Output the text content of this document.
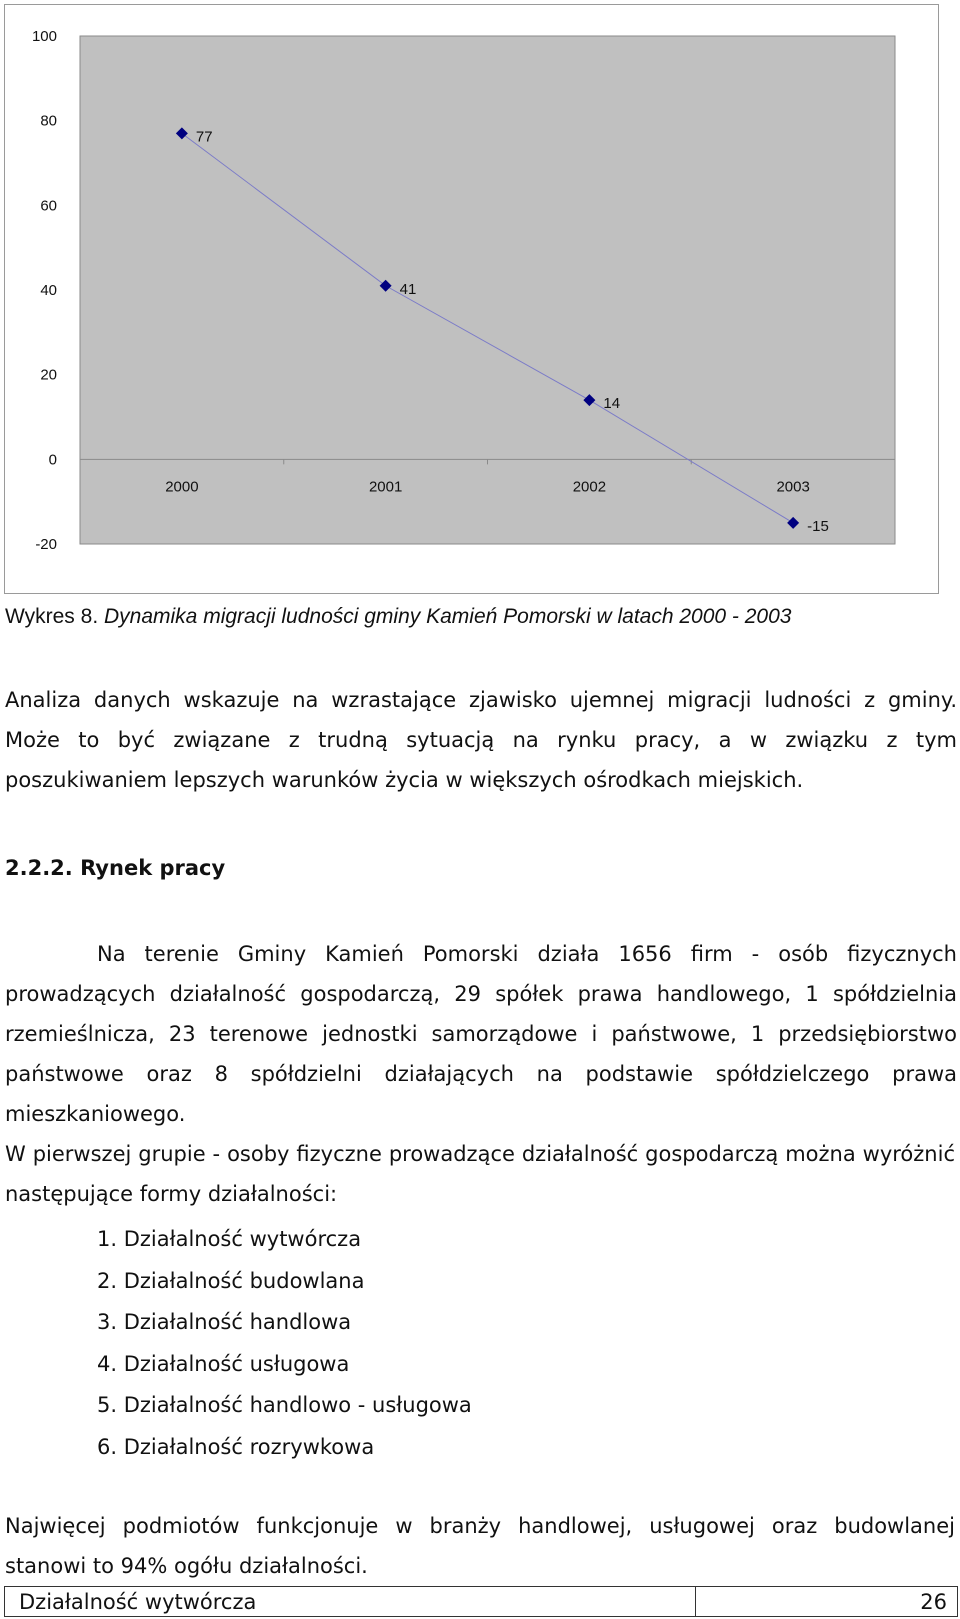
100
80
60
40
20
0
-20
2000	2001	2002	2003
77
41
14
-15
Wykres 8. Dynamika migracji ludności gminy Kamień Pomorski w latach 2000 - 2003
Analiza danych wskazuje na wzrastające zjawisko ujemnej migracji ludności z gminy. Może to być związane z trudną sytuacją na rynku pracy, a w związku z tym poszukiwaniem lepszych warunków życia w większych ośrodkach miejskich.
2.2.2. Rynek pracy
Na terenie Gminy Kamień Pomorski działa 1656 firm - osób fizycznych prowadzących działalność gospodarczą, 29 spółek prawa handlowego, 1 spółdzielnia rzemieślnicza, 23 terenowe jednostki samorządowe i państwowe, 1 przedsiębiorstwo państwowe oraz 8 spółdzielni działających na podstawie spółdzielczego prawa mieszkaniowego.
W pierwszej grupie - osoby fizyczne prowadzące działalność gospodarczą można wyróżnić następujące formy działalności:
1. Działalność wytwórcza
2. Działalność budowlana
3. Działalność handlowa
4. Działalność usługowa
5. Działalność handlowo - usługowa
6. Działalność rozrywkowa
Najwięcej podmiotów funkcjonuje w branży handlowej, usługowej oraz budowlanej stanowi to 94% ogółu działalności.
Działalność wytwórcza	26
